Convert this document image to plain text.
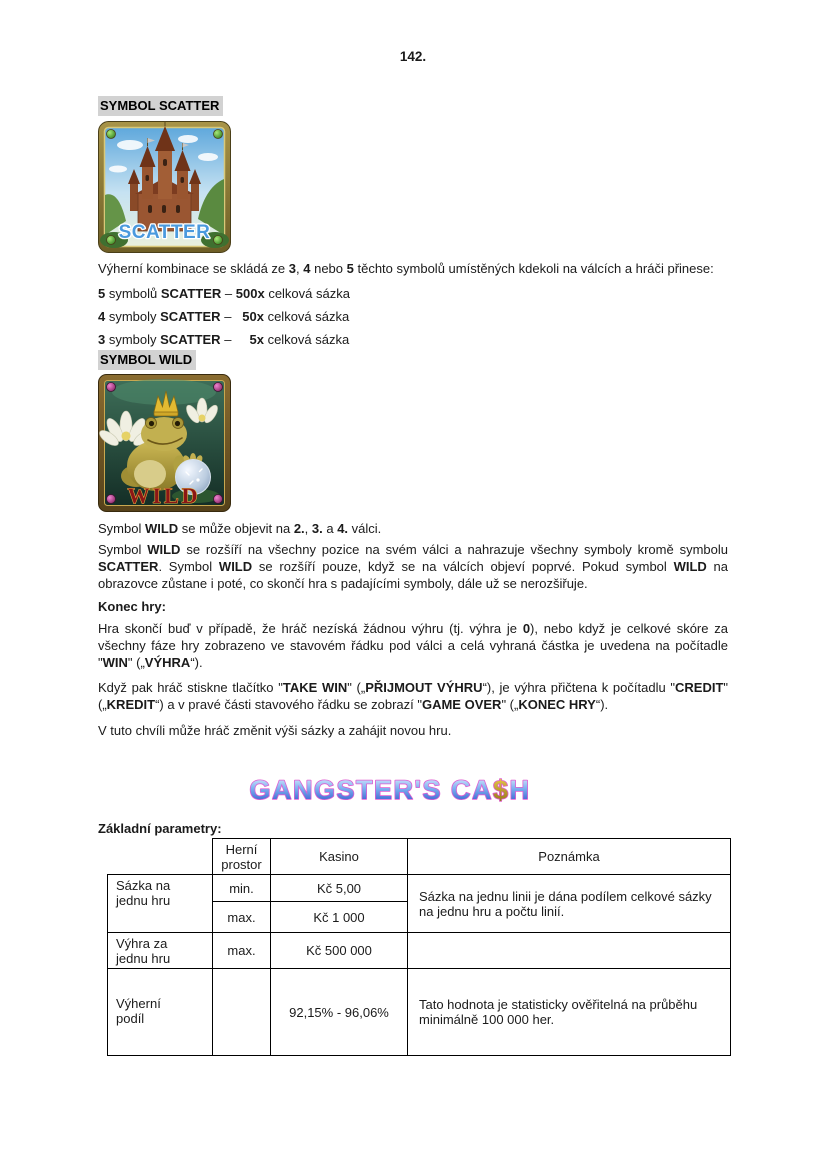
142.
SYMBOL SCATTER
SCATTER

Výherní kombinace se skládá ze 3, 4 nebo 5 těchto symbolů umístěných kdekoli na válcích a hráči přinese:

5 symbolů SCATTER – 500x celková sázka

4 symboly SCATTER –   50x celková sázka

3 symboly SCATTER –     5x celková sázka

SYMBOL WILD
WILD

Symbol WILD se může objevit na 2., 3. a 4. válci.

Symbol WILD se rozšíří na všechny pozice na svém válci a nahrazuje všechny symboly kromě symbolu SCATTER. Symbol WILD se rozšíří pouze, když se na válcích objeví poprvé. Pokud symbol WILD na obrazovce zůstane i poté, co skončí hra s padajícími symboly, dále už se nerozšiřuje.

Konec hry:

Hra skončí buď v případě, že hráč nezíská žádnou výhru (tj. výhra je 0), nebo když je celkové skóre za všechny fáze hry zobrazeno ve stavovém řádku pod válci a celá vyhraná částka je uvedena na počítadle "WIN" („VÝHRA“).

Když pak hráč stiskne tlačítko "TAKE WIN" („PŘIJMOUT VÝHRU“), je výhra přičtena k počítadlu "CREDIT" („KREDIT“) a v pravé části stavového řádku se zobrazí "GAME OVER" („KONEC HRY“).

V tuto chvíli může hráč změnit výši sázky a zahájit novou hru.

GANGSTER'S CA$H

Základní parametry:

	Herní prostor	Kasino	Poznámka
Sázka na jednu hru	min.	Kč 5,00	Sázka na jednu linii je dána podílem celkové sázky na jednu hru a počtu linií.
	max.	Kč 1 000	
Výhra za jednu hru	max.	Kč 500 000	
Výherní podíl		92,15% - 96,06%	Tato hodnota je statisticky ověřitelná na průběhu minimálně 100 000 her.
